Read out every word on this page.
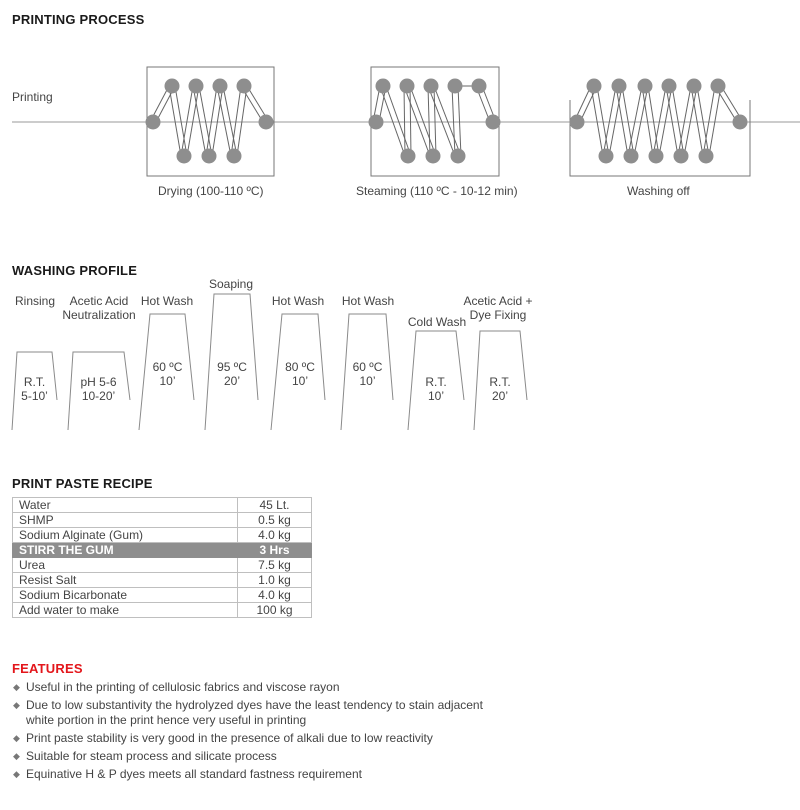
PRINTING PROCESS
Printing
Drying (100-110 ºC)	Steaming (110 ºC - 10-12 min)	Washing off
WASHING PROFILE
Rinsing
R.T.
5-10’
Acetic Acid
Neutralization
pH 5-6
10-20’
Hot Wash
60 ºC
10’
Soaping
95 ºC
20’
Hot Wash
80 ºC
10’
Hot Wash
60 ºC
10’
Cold Wash
R.T.
10’
Acetic Acid +
Dye Fixing
R.T.
20’
PRINT PASTE RECIPE
Water	45 Lt.
SHMP	0.5 kg
Sodium Alginate (Gum)	4.0 kg
STIRR THE GUM	3 Hrs
Urea	7.5 kg
Resist Salt	1.0 kg
Sodium Bicarbonate	4.0 kg
Add water to make	100 kg
FEATURES
◆ Useful in the printing of cellulosic fabrics and viscose rayon
◆ Due to low substantivity the hydrolyzed dyes have the least tendency to stain adjacent
white portion in the print hence very useful in printing
◆ Print paste stability is very good in the presence of alkali due to low reactivity
◆ Suitable for steam process and silicate process
◆ Equinative H & P dyes meets all standard fastness requirement
